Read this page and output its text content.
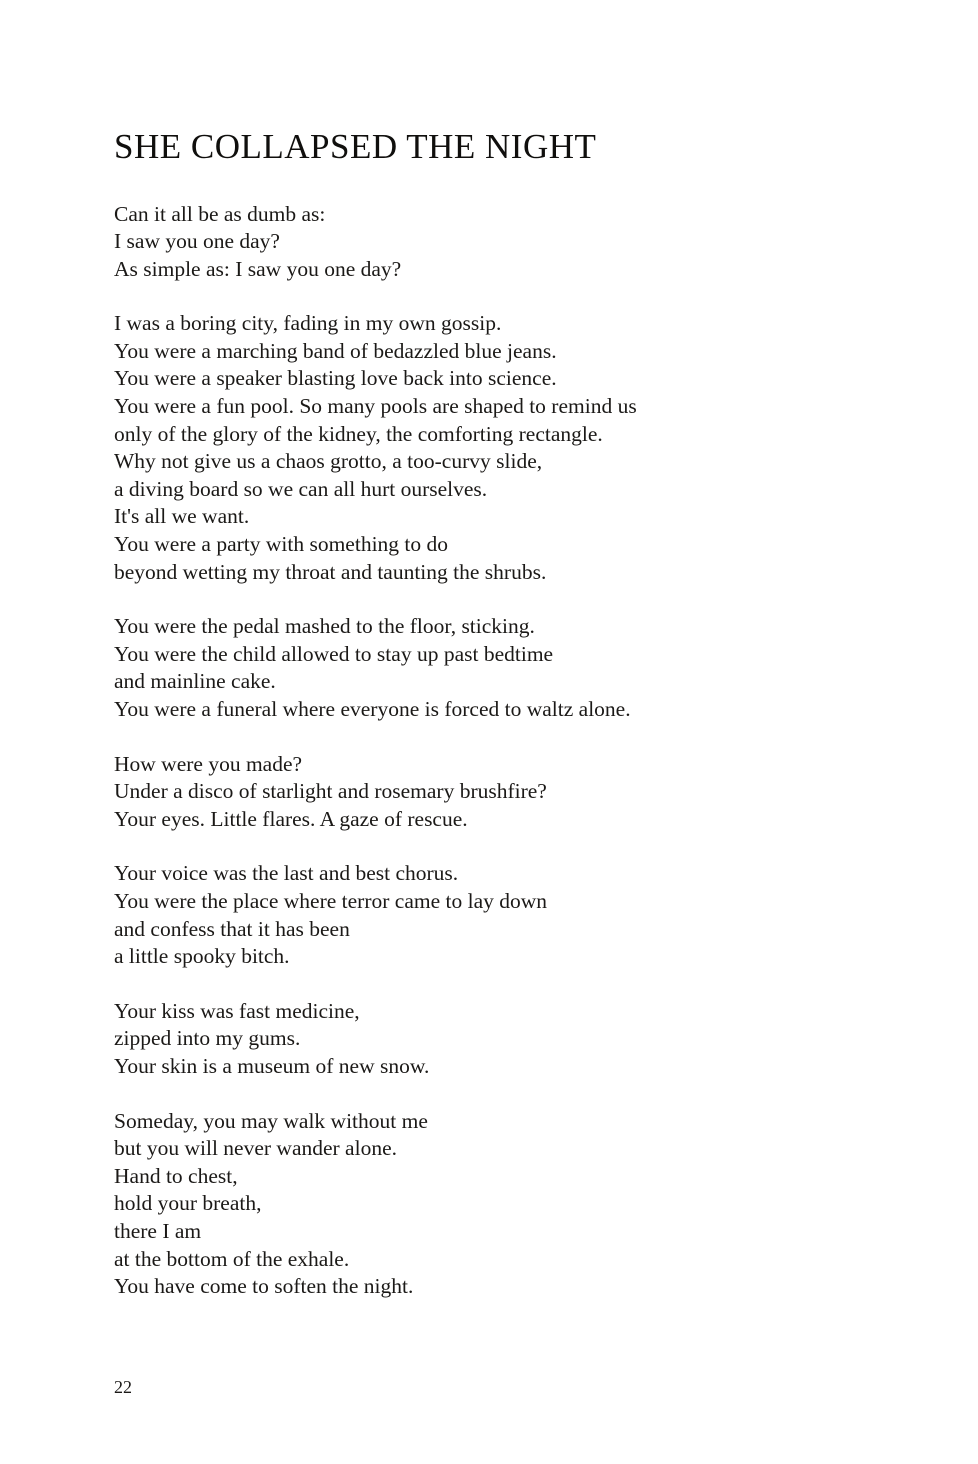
SHE COLLAPSED THE NIGHT
Can it all be as dumb as:
I saw you one day?
As simple as: I saw you one day?
I was a boring city, fading in my own gossip.
You were a marching band of bedazzled blue jeans.
You were a speaker blasting love back into science.
You were a fun pool. So many pools are shaped to remind us
only of the glory of the kidney, the comforting rectangle.
Why not give us a chaos grotto, a too-curvy slide,
a diving board so we can all hurt ourselves.
It's all we want.
You were a party with something to do
beyond wetting my throat and taunting the shrubs.
You were the pedal mashed to the floor, sticking.
You were the child allowed to stay up past bedtime
and mainline cake.
You were a funeral where everyone is forced to waltz alone.
How were you made?
Under a disco of starlight and rosemary brushfire?
Your eyes. Little flares. A gaze of rescue.
Your voice was the last and best chorus.
You were the place where terror came to lay down
and confess that it has been
a little spooky bitch.
Your kiss was fast medicine,
zipped into my gums.
Your skin is a museum of new snow.
Someday, you may walk without me
but you will never wander alone.
Hand to chest,
hold your breath,
there I am
at the bottom of the exhale.
You have come to soften the night.
22
